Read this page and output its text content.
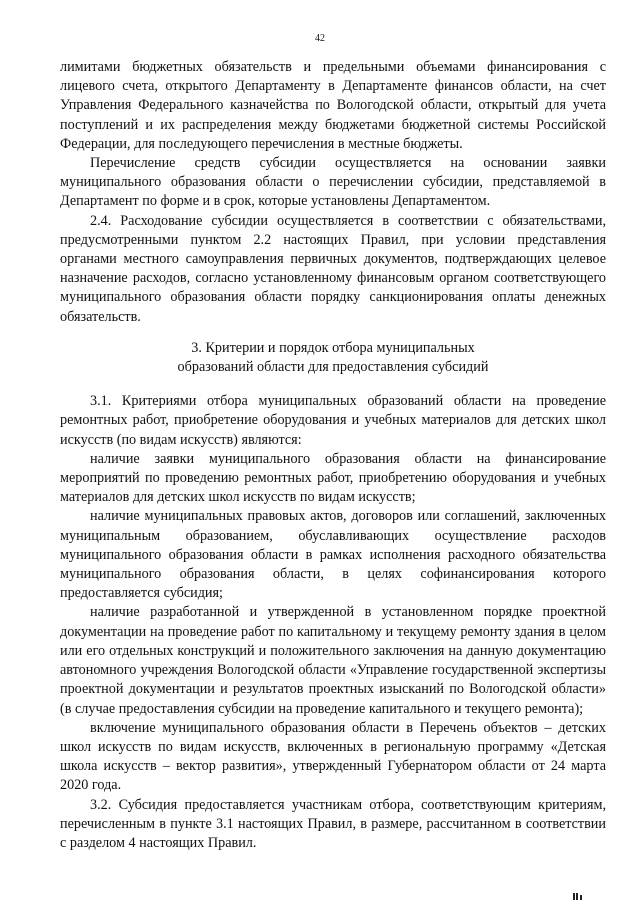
42

лимитами бюджетных обязательств и предельными объемами финансирования с лицевого счета, открытого Департаменту в Департаменте финансов области, на счет Управления Федерального казначейства по Вологодской области, открытый для учета поступлений и их распределения между бюджетами бюджетной системы Российской Федерации, для последующего перечисления в местные бюджеты.

Перечисление средств субсидии осуществляется на основании заявки муниципального образования области о перечислении субсидии, представляемой в Департамент по форме и в срок, которые установлены Департаментом.

2.4. Расходование субсидии осуществляется в соответствии с обязательствами, предусмотренными пунктом 2.2 настоящих Правил, при условии представления органами местного самоуправления первичных документов, подтверждающих целевое назначение расходов, согласно установленному финансовым органом соответствующего муниципального образования области порядку санкционирования оплаты денежных обязательств.

3. Критерии и порядок отбора муниципальных
образований области для предоставления субсидий

3.1. Критериями отбора муниципальных образований области на проведение ремонтных работ, приобретение оборудования и учебных материалов для детских школ искусств (по видам искусств) являются:

наличие заявки муниципального образования области на финансирование мероприятий по проведению ремонтных работ, приобретению оборудования и учебных материалов для детских школ искусств по видам искусств;

наличие муниципальных правовых актов, договоров или соглашений, заключенных муниципальным образованием, обуславливающих осуществление расходов муниципального образования области в рамках исполнения расходного обязательства муниципального образования области, в целях софинансирования которого предоставляется субсидия;

наличие разработанной и утвержденной в установленном порядке проектной документации на проведение работ по капитальному и текущему ремонту здания в целом или его отдельных конструкций и положительного заключения на данную документацию автономного учреждения Вологодской области «Управление государственной экспертизы проектной документации и результатов проектных изысканий по Вологодской области» (в случае предоставления субсидии на проведение капитального и текущего ремонта);

включение муниципального образования области в Перечень объектов – детских школ искусств по видам искусств, включенных в региональную программу «Детская школа искусств – вектор развития», утвержденный Губернатором области от 24 марта 2020 года.

3.2. Субсидия предоставляется участникам отбора, соответствующим критериям, перечисленным в пункте 3.1 настоящих Правил, в размере, рассчитанном в соответствии с разделом 4 настоящих Правил.
